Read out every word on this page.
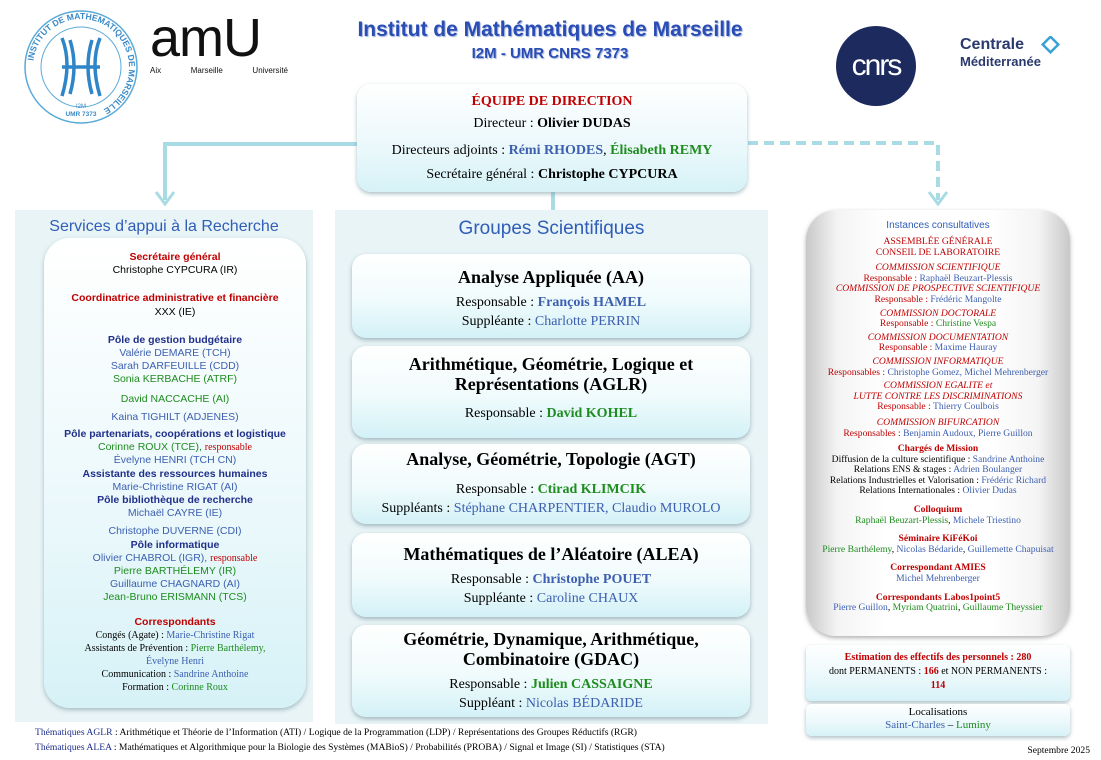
INSTITUT DE MATHEMATIQUES DE MARSEILLE
I2M
UMR 7373
amU
Aix	Marseille	Université
Institut de Mathématiques de Marseille
I2M - UMR CNRS 7373	cnrs
Centrale
Méditerranée
ÉQUIPE DE DIRECTION
Directeur : Olivier DUDAS
Directeurs adjoints : Rémi RHODES, Élisabeth REMY
Secrétaire général : Christophe CYPCURA
Services d’appui à la Recherche
Secrétaire général
Christophe CYPCURA (IR)
Coordinatrice administrative et financière
XXX (IE)
Pôle de gestion budgétaire
Valérie DEMARE (TCH)
Sarah DARFEUILLE (CDD)
Sonia KERBACHE (ATRF)
David NACCACHE (AI)
Kaina TIGHILT (ADJENES)
Pôle partenariats, coopérations et logistique
Corinne ROUX (TCE), responsable
Évelyne HENRI (TCH CN)
Assistante des ressources humaines
Marie-Christine RIGAT (AI)
Pôle bibliothèque de recherche
Michaël CAYRE (IE)
Christophe DUVERNE (CDI)
Pôle informatique
Olivier CHABROL (IGR), responsable
Pierre BARTHÉLEMY (IR)
Guillaume CHAGNARD (AI)
Jean-Bruno ERISMANN (TCS)
Correspondants
Congés (Agate) : Marie-Christine Rigat
Assistants de Prévention : Pierre Barthélemy,
Évelyne Henri
Communication : Sandrine Anthoine
Formation : Corinne Roux
Groupes Scientifiques
Analyse Appliquée (AA)
Responsable : François HAMEL
Suppléante : Charlotte PERRIN
Arithmétique, Géométrie, Logique et
Représentations (AGLR)
Responsable : David KOHEL
Analyse, Géométrie, Topologie (AGT)
Responsable : Ctirad KLIMCIK
Suppléants : Stéphane CHARPENTIER, Claudio MUROLO
Mathématiques de l’Aléatoire (ALEA)
Responsable : Christophe POUET
Suppléante : Caroline CHAUX
Géométrie, Dynamique, Arithmétique,
Combinatoire (GDAC)
Responsable : Julien CASSAIGNE
Suppléant : Nicolas BÉDARIDE
Instances consultatives
ASSEMBLÉE GÉNÉRALE
CONSEIL DE LABORATOIRE
COMMISSION SCIENTIFIQUE
Responsable : Raphaël Beuzart-Plessis
COMMISSION DE PROSPECTIVE SCIENTIFIQUE
Responsable : Frédéric Mangolte
COMMISSION DOCTORALE
Responsable : Christine Vespa
COMMISSION DOCUMENTATION
Responsable : Maxime Hauray
COMMISSION INFORMATIQUE
Responsables : Christophe Gomez, Michel Mehrenberger
COMMISSION EGALITE et
LUTTE CONTRE LES DISCRIMINATIONS
Responsable : Thierry Coulbois
COMMISSION BIFURCATION
Responsables : Benjamin Audoux, Pierre Guillon
Chargés de Mission
Diffusion de la culture scientifique : Sandrine Anthoine
Relations ENS & stages : Adrien Boulanger
Relations Industrielles et Valorisation : Frédéric Richard
Relations Internationales : Olivier Dudas
Colloquium
Raphaël Beuzart-Plessis, Michele Triestino
Séminaire KiFéKoi
Pierre Barthélemy, Nicolas Bédaride, Guillemette Chapuisat
Correspondant AMIES
Michel Mehrenberger
Correspondants Labos1point5
Pierre Guillon, Myriam Quatrini, Guillaume Theyssier
Estimation des effectifs des personnels : 280
dont PERMANENTS : 166 et NON PERMANENTS :
114
Localisations
Saint-Charles – Luminy
Thématiques AGLR : Arithmétique et Théorie de l’Information (ATI) / Logique de la Programmation (LDP) / Représentations des Groupes Réductifs (RGR)
Thématiques ALEA : Mathématiques et Algorithmique pour la Biologie des Systèmes (MABioS) / Probabilités (PROBA) / Signal et Image (SI) / Statistiques (STA)	Septembre 2025
